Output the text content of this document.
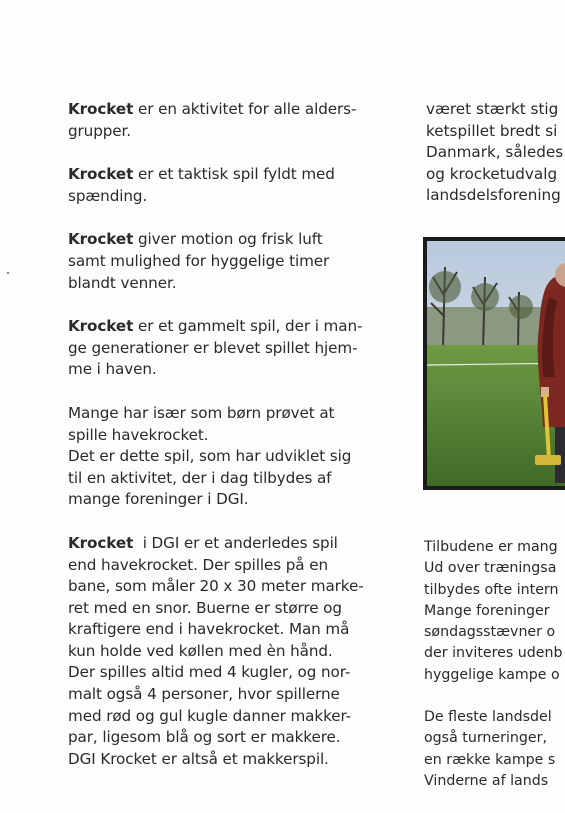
Krocket er en aktivitet for alle alders-
grupper.

Krocket er et taktisk spil fyldt med
spænding.

Krocket giver motion og frisk luft
samt mulighed for hyggelige timer
blandt venner.

Krocket er et gammelt spil, der i man-
ge generationer er blevet spillet hjem-
me i haven.

Mange har især som børn prøvet at
spille havekrocket.
Det er dette spil, som har udviklet sig
til en aktivitet, der i dag tilbydes af
mange foreninger i DGI.

Krocket  i DGI er et anderledes spil
end havekrocket. Der spilles på en
bane, som måler 20 x 30 meter marke-
ret med en snor. Buerne er større og
kraftigere end i havekrocket. Man må
kun holde ved køllen med èn hånd.
Der spilles altid med 4 kugler, og nor-
malt også 4 personer, hvor spillerne
med rød og gul kugle danner makker-
par, ligesom blå og sort er makkere.
DGI Krocket er altså et makkerspil.

været stærkt stig
ketspillet bredt si
Danmark, således
og krocketudvalg
landsdelsforening

Tilbudene er mang
Ud over træningsa
tilbydes ofte intern
Mange foreninger
søndagsstævner o
der inviteres udenb
hyggelige kampe o

De fleste landsdel
også turneringer,
en række kampe s
Vinderne af lands
